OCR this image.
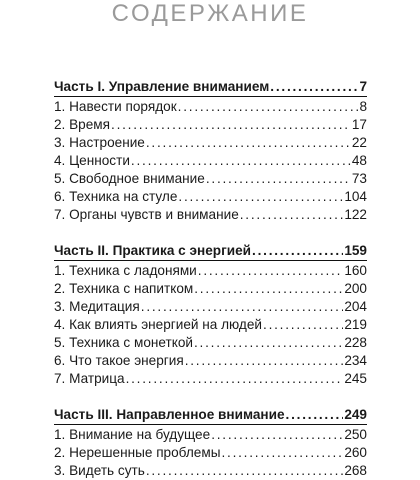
СОДЕРЖАНИЕ
Часть I. Управление вниманием . . .	7
1. Навести порядок . . .	8
2. Время . . .	17
3. Настроение . . .	22
4. Ценности . . .	48
5. Свободное внимание . . .	73
6. Техника на стуле . . .	104
7. Органы чувств и внимание . . .	122
Часть II. Практика с энергией . . .	159
1. Техника с ладонями . . .	160
2. Техника с напитком . . .	200
3. Медитация . . .	204
4. Как влиять энергией на людей . . .	219
5. Техника с монеткой . . .	228
6. Что такое энергия . . .	234
7. Матрица . . .	245
Часть III. Направленное внимание . . .	249
1. Внимание на будущее . . .	250
2. Нерешенные проблемы . . .	260
3. Видеть суть . . .	268
